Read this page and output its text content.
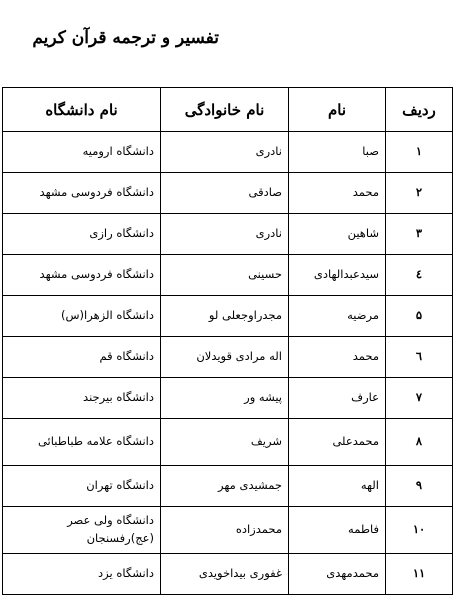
تفسیر و ترجمه قرآن کریم
ردیف	نام	نام خانوادگی	نام دانشگاه
۱	صبا	نادری	دانشگاه ارومیه
۲	محمد	صادقی	دانشگاه فردوسی مشهد
۳	شاهین	نادری	دانشگاه رازی
٤	سیدعبدالهادی	حسینی	دانشگاه فردوسی مشهد
۵	مرضیه	مجدراوجعلی لو	دانشگاه الزهرا(س)
٦	محمد	اله مرادی قویدلان	دانشگاه قم
۷	عارف	پیشه ور	دانشگاه بیرجند
۸	محمدعلی	شریف	دانشگاه علامه طباطبائی
۹	الهه	جمشیدی مهر	دانشگاه تهران
۱۰	فاطمه	محمدزاده	دانشگاه ولی عصر (عج)رفسنجان
۱۱	محمدمهدی	غفوری بیداخویدی	دانشگاه یزد
